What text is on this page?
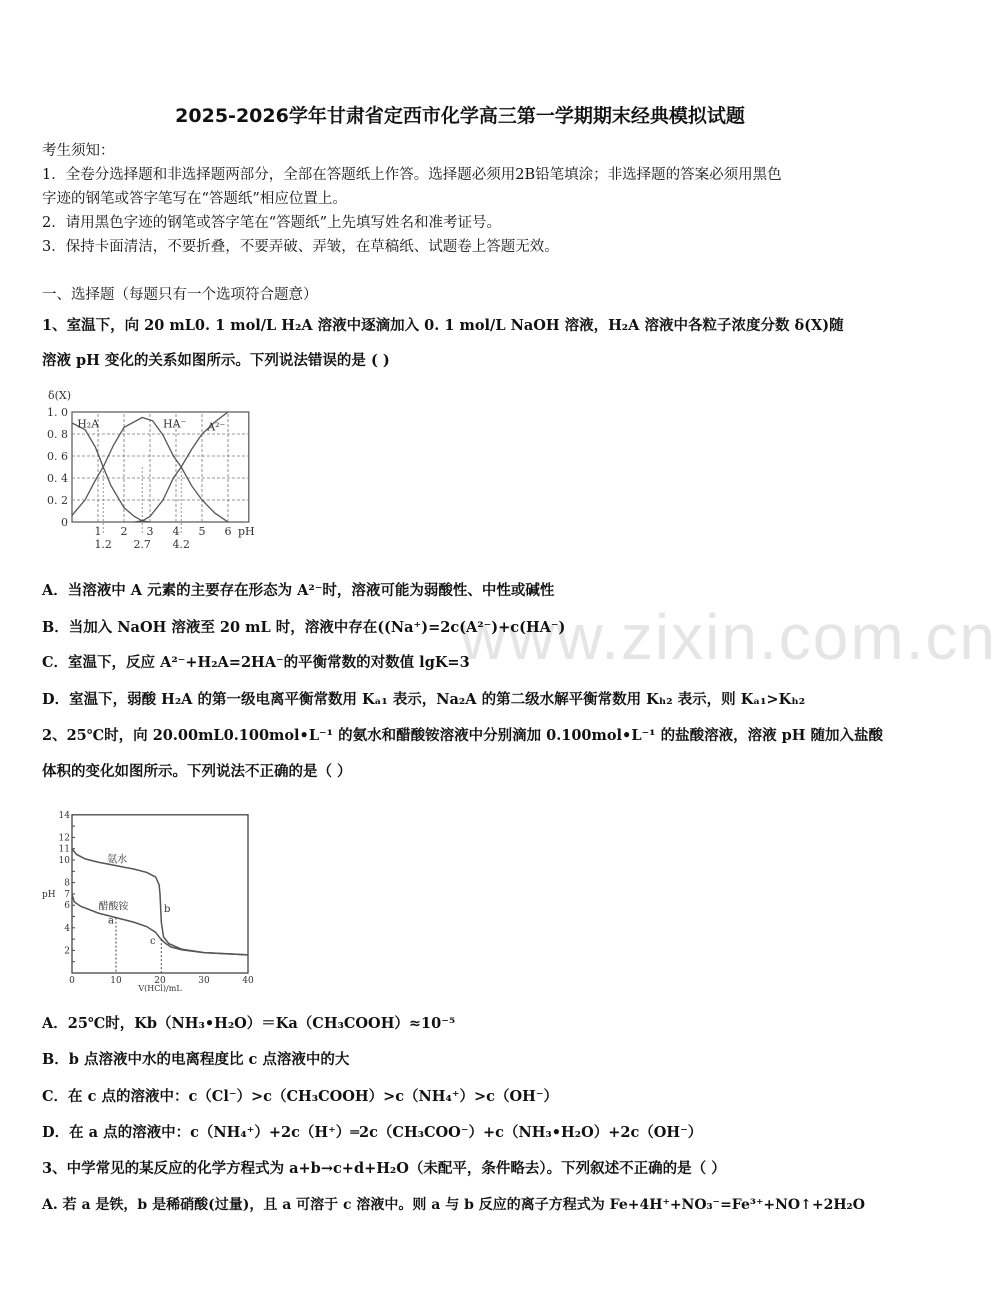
www.zixin.com.cn
2025-2026学年甘肃省定西市化学高三第一学期期末经典模拟试题
考生须知：
1．全卷分选择题和非选择题两部分，全部在答题纸上作答。选择题必须用2B铅笔填涂；非选择题的答案必须用黑色
字迹的钢笔或答字笔写在“答题纸”相应位置上。
2．请用黑色字迹的钢笔或答字笔在“答题纸”上先填写姓名和准考证号。
3．保持卡面清洁，不要折叠，不要弄破、弄皱，在草稿纸、试题卷上答题无效。
一、选择题（每题只有一个选项符合题意）
1、室温下，向 20 mL0. 1 mol/L H₂A 溶液中逐滴加入 0. 1 mol/L NaOH 溶液，H₂A 溶液中各粒子浓度分数 δ(X)随
溶液 pH 变化的关系如图所示。下列说法错误的是 ( )
0
0. 2
0. 4
0. 6
0. 8
1. 0
1 2 3 4 5 6
1.2 2.7 4.2
pH
δ(X)
H₂A	HA⁻ A²⁻
A．当溶液中 A 元素的主要存在形态为 A²⁻时，溶液可能为弱酸性、中性或碱性
B．当加入 NaOH 溶液至 20 mL 时，溶液中存在((Na⁺)=2c(A²⁻)+c(HA⁻)
C．室温下，反应 A²⁻+H₂A=2HA⁻的平衡常数的对数值 lgK=3
D．室温下，弱酸 H₂A 的第一级电离平衡常数用 Kₐ₁ 表示，Na₂A 的第二级水解平衡常数用 Kₕ₂ 表示，则 Kₐ₁>Kₕ₂
2、25℃时，向 20.00mL0.100mol•L⁻¹ 的氨水和醋酸铵溶液中分别滴加 0.100mol•L⁻¹ 的盐酸溶液，溶液 pH 随加入盐酸
体积的变化如图所示。下列说法不正确的是（ ）
2
4
6
7
8
10
11
12
14
0	10	20	30	40
pH
V(HCl)/mL
氨水
醋酸铵
a
b
c
A．25℃时，Kb（NH₃•H₂O）＝Ka（CH₃COOH）≈10⁻⁵
B．b 点溶液中水的电离程度比 c 点溶液中的大
C．在 c 点的溶液中：c（Cl⁻）>c（CH₃COOH）>c（NH₄⁺）>c（OH⁻）
D．在 a 点的溶液中：c（NH₄⁺）+2c（H⁺）═2c（CH₃COO⁻）+c（NH₃•H₂O）+2c（OH⁻）
3、中学常见的某反应的化学方程式为 a+b→c+d+H₂O（未配平，条件略去）。下列叙述不正确的是（ ）
A. 若 a 是铁，b 是稀硝酸(过量)，且 a 可溶于 c 溶液中。则 a 与 b 反应的离子方程式为 Fe+4H⁺+NO₃⁻=Fe³⁺+NO↑+2H₂O
